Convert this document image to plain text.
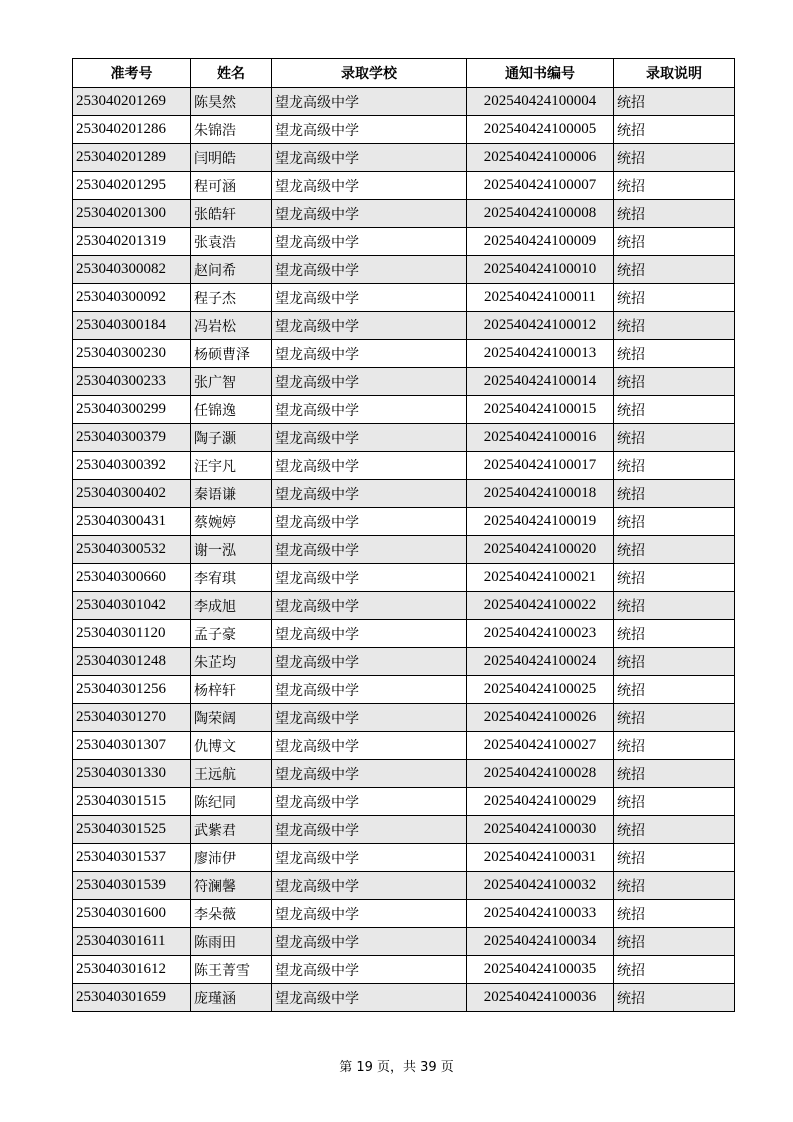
准考号	姓名	录取学校	通知书编号	录取说明
253040201269	陈昊然	望龙高级中学	202540424100004	统招
253040201286	朱锦浩	望龙高级中学	202540424100005	统招
253040201289	闫明皓	望龙高级中学	202540424100006	统招
253040201295	程可涵	望龙高级中学	202540424100007	统招
253040201300	张皓轩	望龙高级中学	202540424100008	统招
253040201319	张袁浩	望龙高级中学	202540424100009	统招
253040300082	赵问希	望龙高级中学	202540424100010	统招
253040300092	程子杰	望龙高级中学	202540424100011	统招
253040300184	冯岩松	望龙高级中学	202540424100012	统招
253040300230	杨硕曹泽	望龙高级中学	202540424100013	统招
253040300233	张广智	望龙高级中学	202540424100014	统招
253040300299	任锦逸	望龙高级中学	202540424100015	统招
253040300379	陶子灏	望龙高级中学	202540424100016	统招
253040300392	汪宇凡	望龙高级中学	202540424100017	统招
253040300402	秦语谦	望龙高级中学	202540424100018	统招
253040300431	蔡婉婷	望龙高级中学	202540424100019	统招
253040300532	谢一泓	望龙高级中学	202540424100020	统招
253040300660	李宥琪	望龙高级中学	202540424100021	统招
253040301042	李成旭	望龙高级中学	202540424100022	统招
253040301120	孟子豪	望龙高级中学	202540424100023	统招
253040301248	朱芷均	望龙高级中学	202540424100024	统招
253040301256	杨梓轩	望龙高级中学	202540424100025	统招
253040301270	陶荣阔	望龙高级中学	202540424100026	统招
253040301307	仇博文	望龙高级中学	202540424100027	统招
253040301330	王远航	望龙高级中学	202540424100028	统招
253040301515	陈纪同	望龙高级中学	202540424100029	统招
253040301525	武紫君	望龙高级中学	202540424100030	统招
253040301537	廖沛伊	望龙高级中学	202540424100031	统招
253040301539	符澜馨	望龙高级中学	202540424100032	统招
253040301600	李朵薇	望龙高级中学	202540424100033	统招
253040301611	陈雨田	望龙高级中学	202540424100034	统招
253040301612	陈王菁雪	望龙高级中学	202540424100035	统招
253040301659	庞瑾涵	望龙高级中学	202540424100036	统招
第 19 页，共 39 页
